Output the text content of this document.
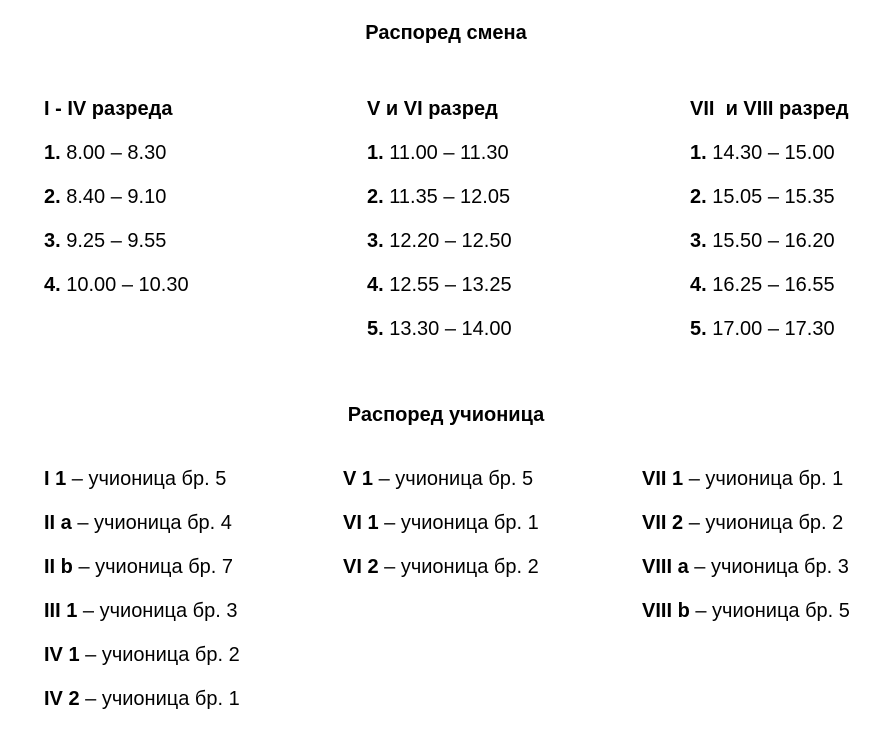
Распоред смена
I - IV разреда
1. 8.00 – 8.30
2. 8.40 – 9.10
3. 9.25 – 9.55
4. 10.00 – 10.30
V и VI разред
1. 11.00 – 11.30
2. 11.35 – 12.05
3. 12.20 – 12.50
4. 12.55 – 13.25
5. 13.30 – 14.00
VII  и VIII разред
1. 14.30 – 15.00
2. 15.05 – 15.35
3. 15.50 – 16.20
4. 16.25 – 16.55
5. 17.00 – 17.30
Распоред учионица
I 1 – учионица бр. 5
II a – учионица бр. 4
II b – учионица бр. 7
III 1 – учионица бр. 3
IV 1 – учионица бр. 2
IV 2 – учионица бр. 1
V 1 – учионица бр. 5
VI 1 – учионица бр. 1
VI 2 – учионица бр. 2
VII 1 – учионица бр. 1
VII 2 – учионица бр. 2
VIII a – учионица бр. 3
VIII b – учионица бр. 5
